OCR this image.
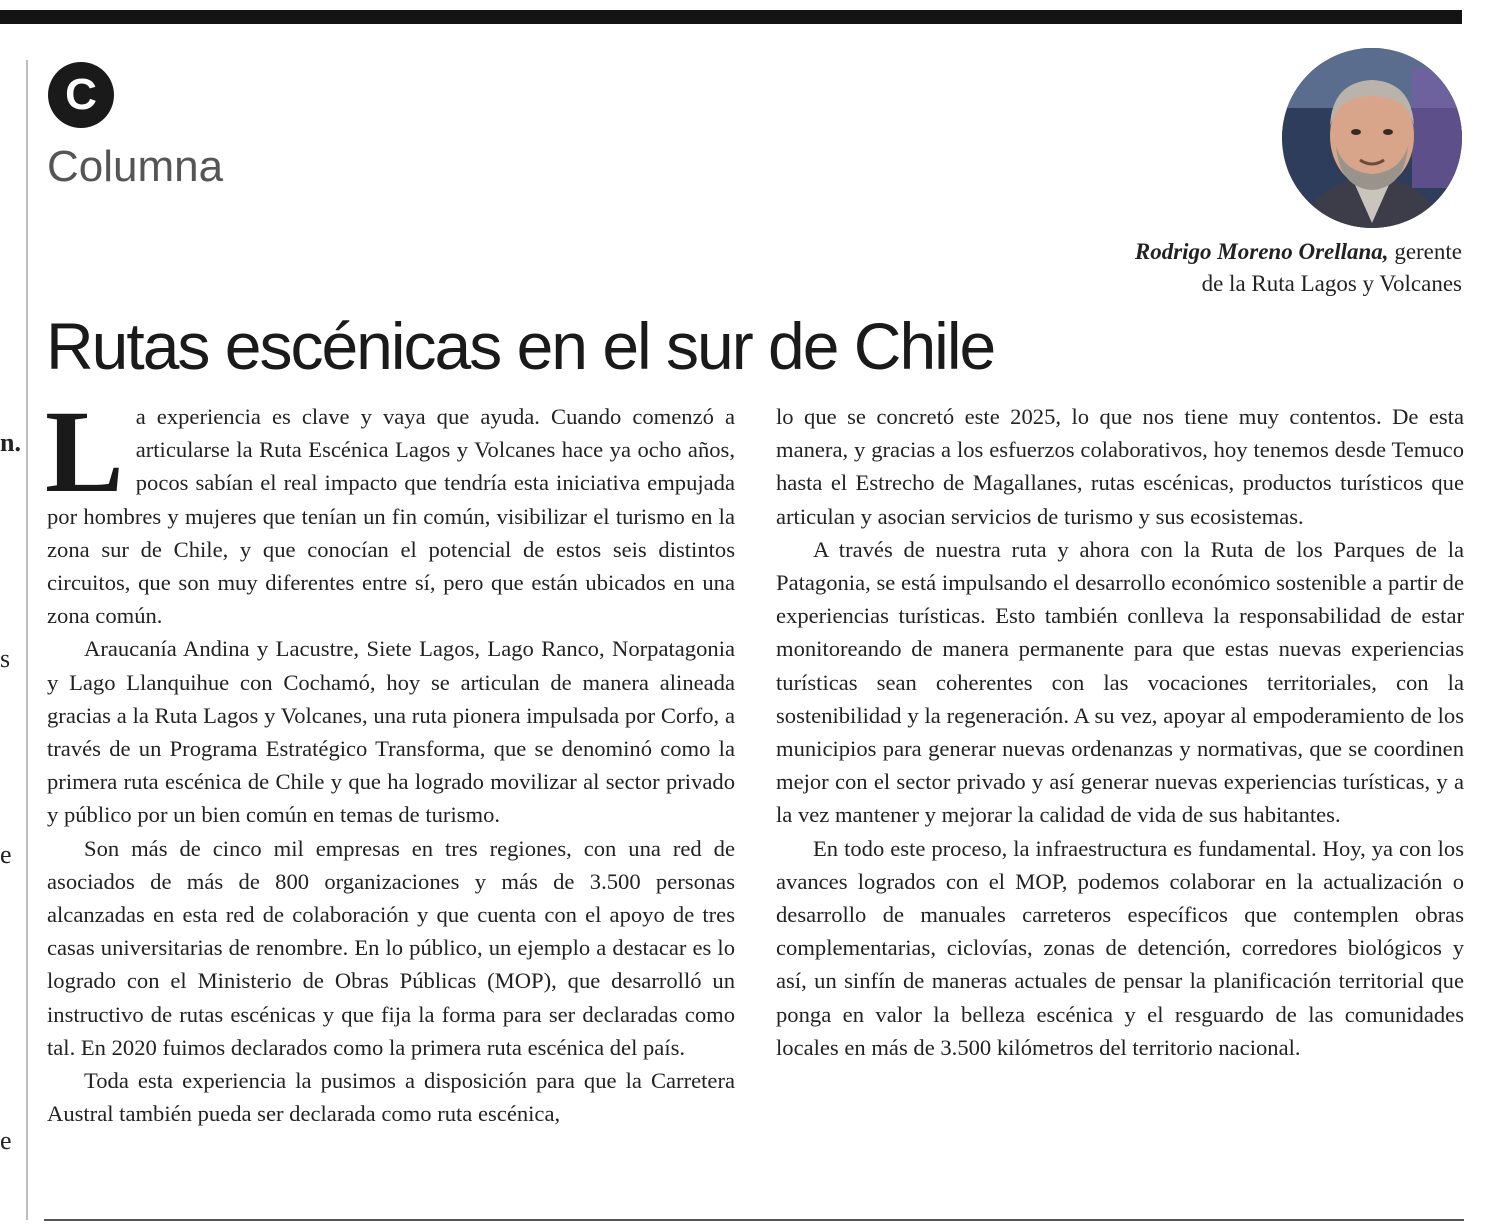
n.
s
e
e
C
Columna
Rodrigo Moreno Orellana, gerente
de la Ruta Lagos y Volcanes
Rutas escénicas en el sur de Chile

La experiencia es clave y vaya que ayuda. Cuando comenzó a articularse la Ruta Escénica Lagos y Volcanes hace ya ocho años, pocos sabían el real impacto que tendría esta iniciativa empujada por hombres y mujeres que tenían un fin común, visibilizar el turismo en la zona sur de Chile, y que conocían el potencial de estos seis distintos circuitos, que son muy diferentes entre sí, pero que están ubicados en una zona común.

Araucanía Andina y Lacustre, Siete Lagos, Lago Ranco, Norpatagonia y Lago Llanquihue con Cochamó, hoy se articulan de manera alineada gracias a la Ruta Lagos y Volcanes, una ruta pionera impulsada por Corfo, a través de un Programa Estratégico Transforma, que se denominó como la primera ruta escénica de Chile y que ha logrado movilizar al sector privado y público por un bien común en temas de turismo.

Son más de cinco mil empresas en tres regiones, con una red de asociados de más de 800 organizaciones y más de 3.500 personas alcanzadas en esta red de colaboración y que cuenta con el apoyo de tres casas universitarias de renombre. En lo público, un ejemplo a destacar es lo logrado con el Ministerio de Obras Públicas (MOP), que desarrolló un instructivo de rutas escénicas y que fija la forma para ser declaradas como tal. En 2020 fuimos declarados como la primera ruta escénica del país.

Toda esta experiencia la pusimos a disposición para que la Carretera Austral también pueda ser declarada como ruta escénica,

lo que se concretó este 2025, lo que nos tiene muy contentos. De esta manera, y gracias a los esfuerzos colaborativos, hoy tenemos desde Temuco hasta el Estrecho de Magallanes, rutas escénicas, productos turísticos que articulan y asocian servicios de turismo y sus ecosistemas.

A través de nuestra ruta y ahora con la Ruta de los Parques de la Patagonia, se está impulsando el desarrollo económico sostenible a partir de experiencias turísticas. Esto también conlleva la responsabilidad de estar monitoreando de manera permanente para que estas nuevas experiencias turísticas sean coherentes con las vocaciones territoriales, con la sostenibilidad y la regeneración. A su vez, apoyar al empoderamiento de los municipios para generar nuevas ordenanzas y normativas, que se coordinen mejor con el sector privado y así generar nuevas experiencias turísticas, y a la vez mantener y mejorar la calidad de vida de sus habitantes.

En todo este proceso, la infraestructura es fundamental. Hoy, ya con los avances logrados con el MOP, podemos colaborar en la actualización o desarrollo de manuales carreteros específicos que contemplen obras complementarias, ciclovías, zonas de detención, corredores biológicos y así, un sinfín de maneras actuales de pensar la planificación territorial que ponga en valor la belleza escénica y el resguardo de las comunidades locales en más de 3.500 kilómetros del territorio nacional.
